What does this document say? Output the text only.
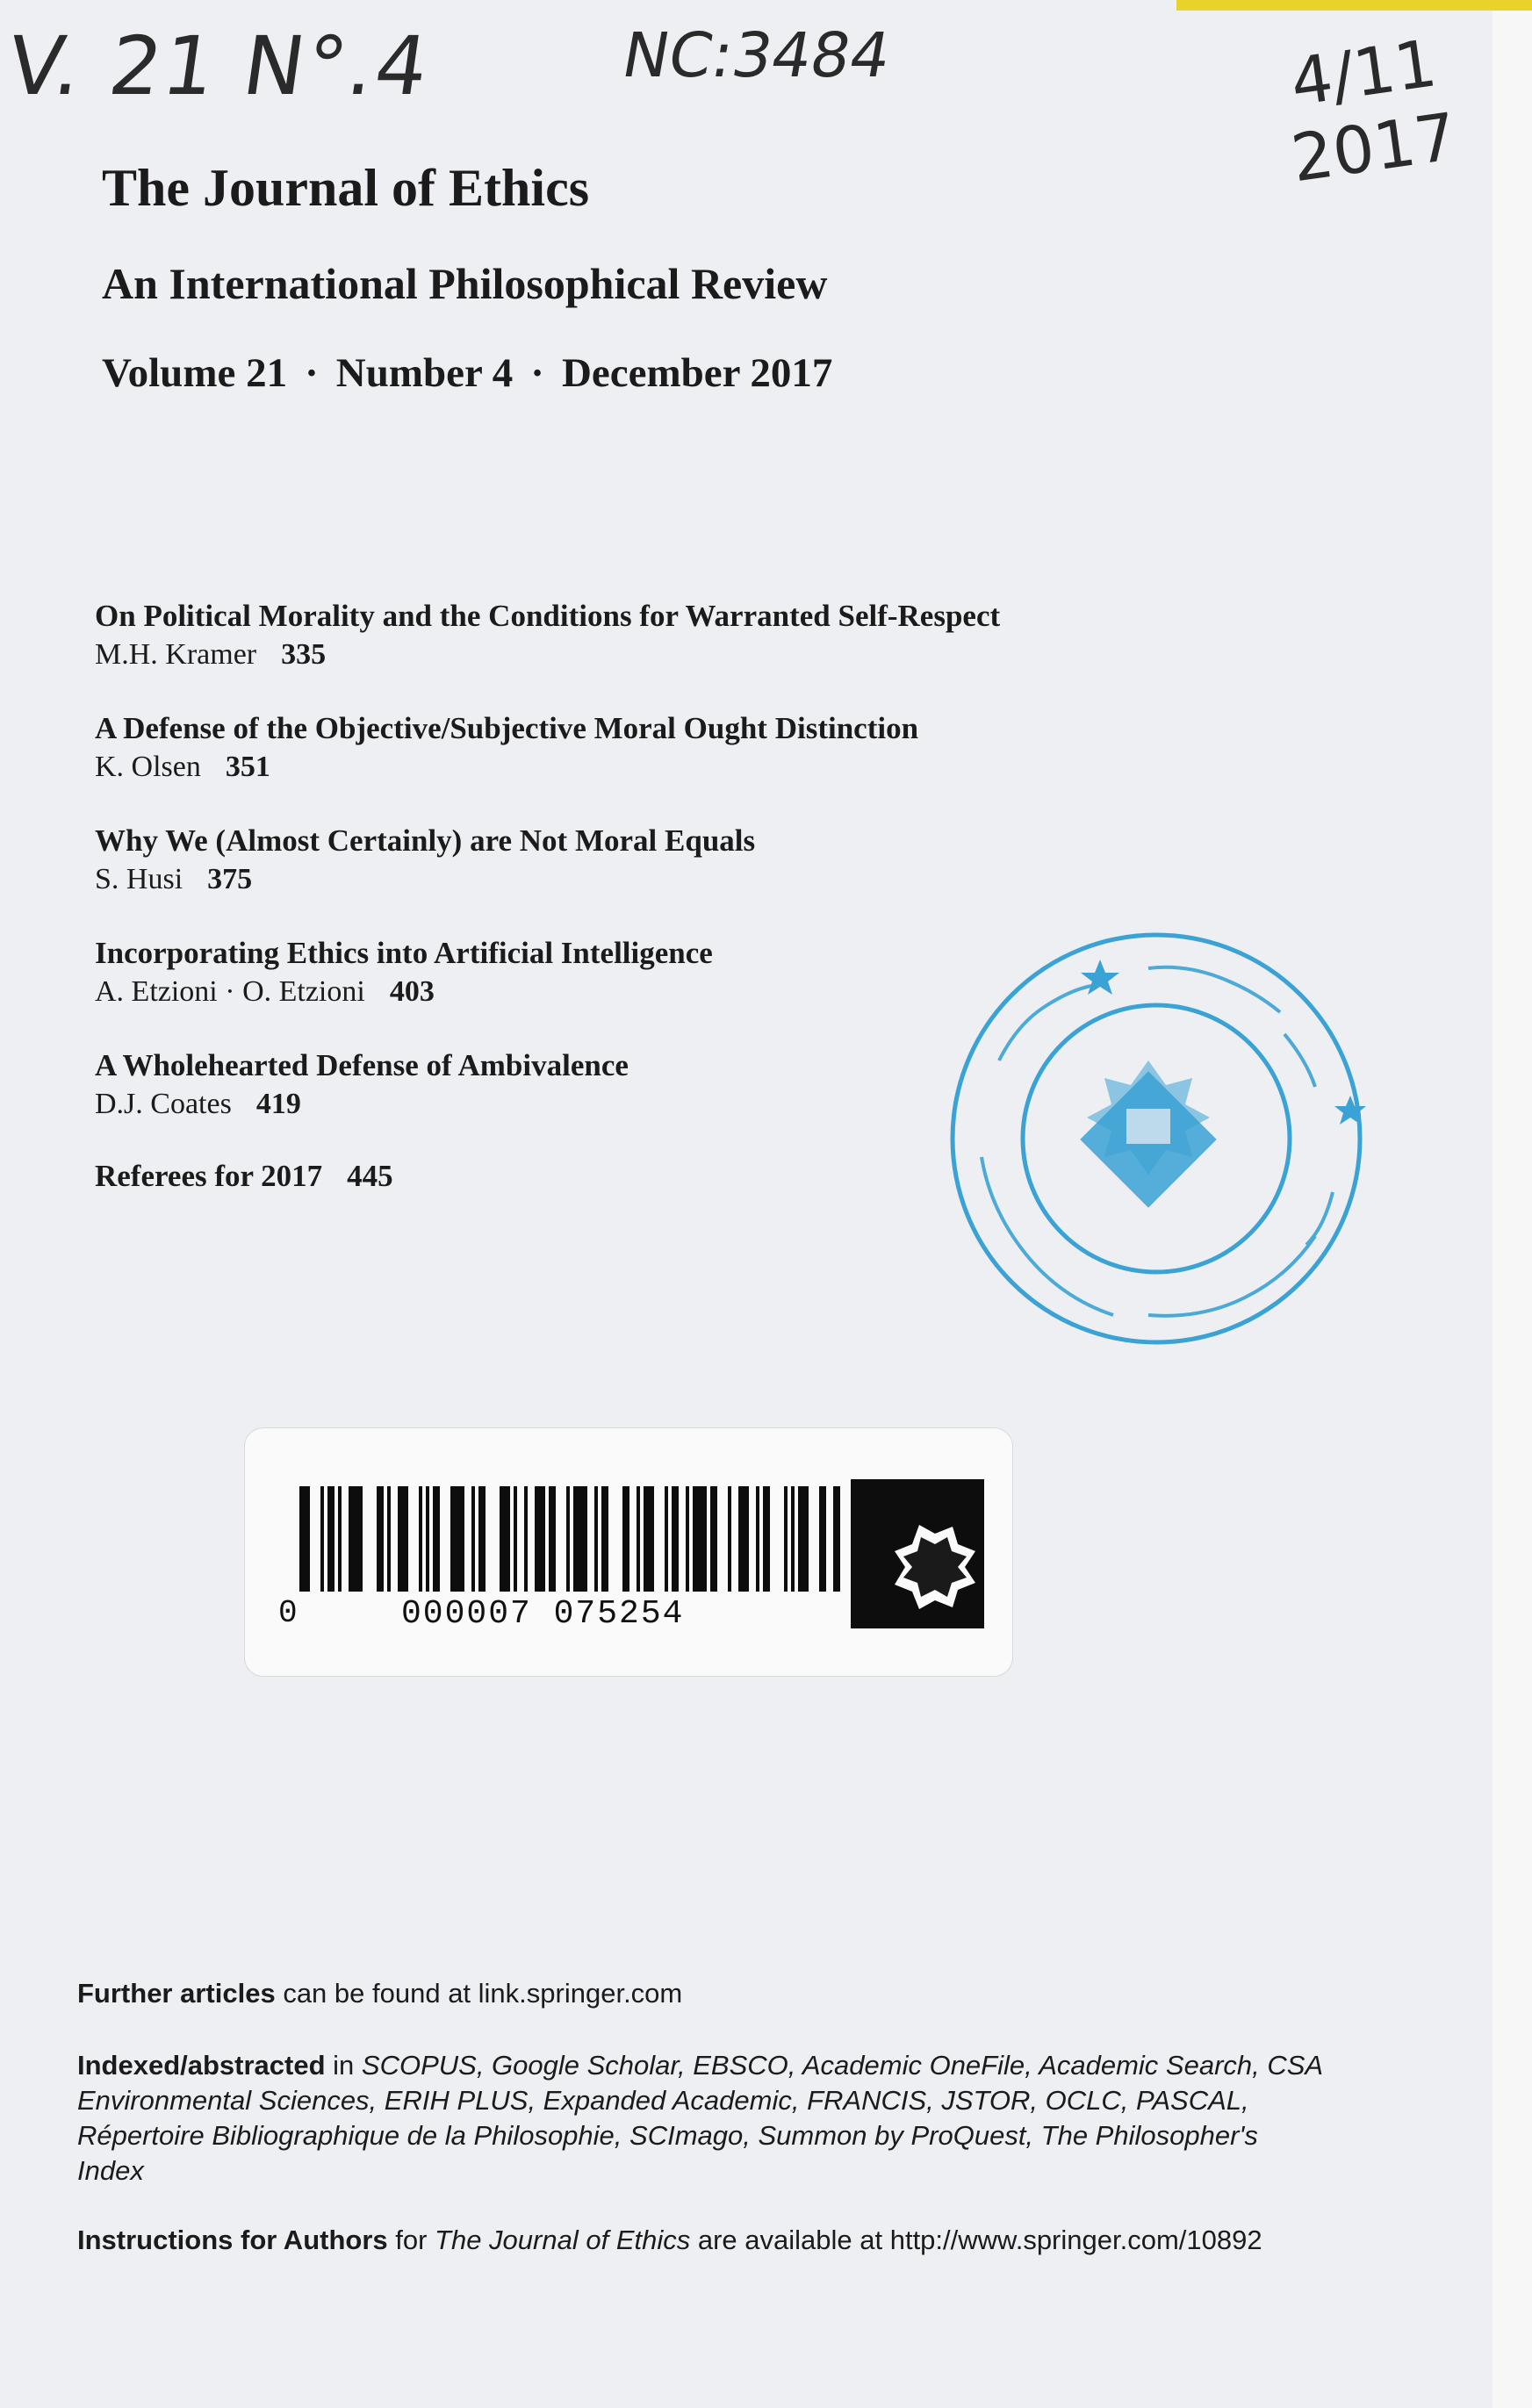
V. 21 N°.4	NC:3484	4/11
2017
The Journal of Ethics
An International Philosophical Review
Volume 21 · Number 4 · December 2017
On Political Morality and the Conditions for Warranted Self-Respect
M.H. Kramer 335
A Defense of the Objective/Subjective Moral Ought Distinction
K. Olsen 351
Why We (Almost Certainly) are Not Moral Equals
S. Husi 375
Incorporating Ethics into Artificial Intelligence
A. Etzioni · O. Etzioni 403
A Wholehearted Defense of Ambivalence
D.J. Coates 419
Referees for 2017 445
0	000007 075254
Further articles can be found at link.springer.com
Indexed/abstracted in SCOPUS, Google Scholar, EBSCO, Academic OneFile, Academic Search, CSA Environmental Sciences, ERIH PLUS, Expanded Academic, FRANCIS, JSTOR, OCLC, PASCAL, Répertoire Bibliographique de la Philosophie, SCImago, Summon by ProQuest, The Philosopher's Index
Instructions for Authors for The Journal of Ethics are available at http://www.springer.com/10892
